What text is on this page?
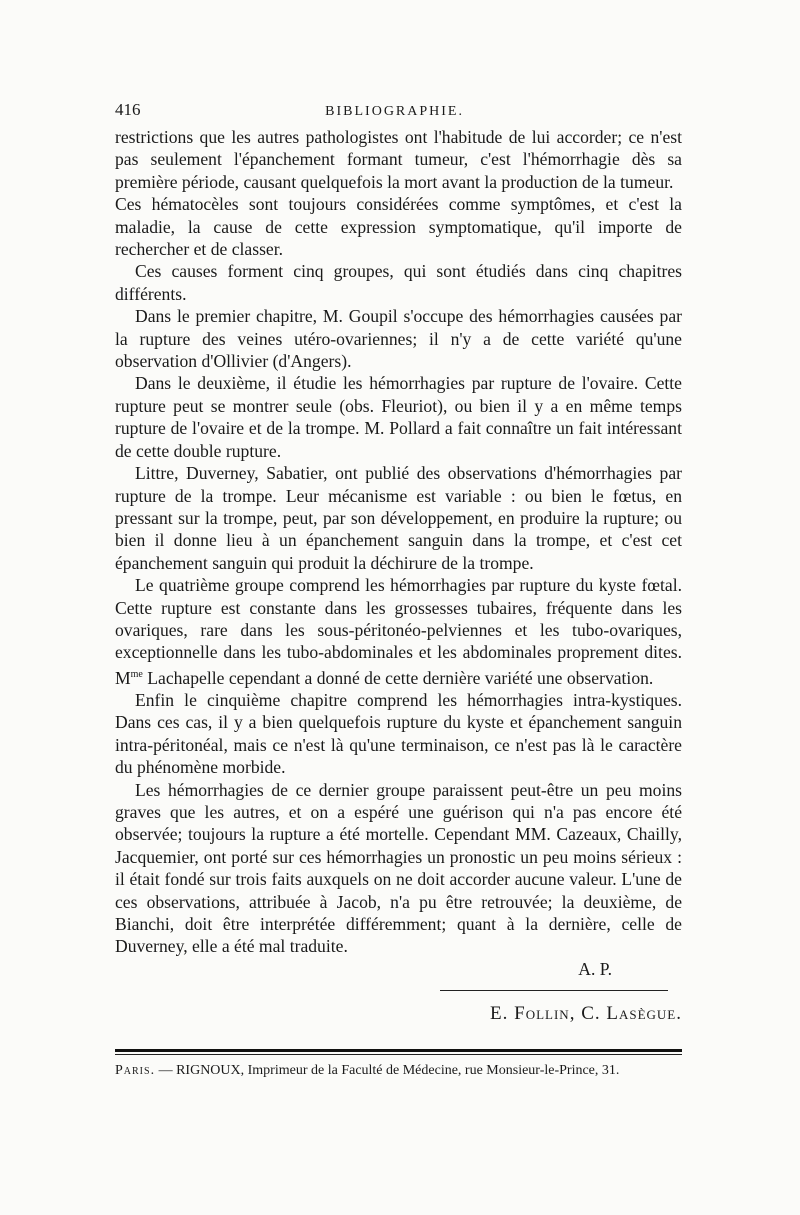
416	BIBLIOGRAPHIE.

restrictions que les autres pathologistes ont l'habitude de lui accorder; ce n'est pas seulement l'épanchement formant tumeur, c'est l'hémorrhagie dès sa première période, causant quelquefois la mort avant la production de la tumeur.

Ces hématocèles sont toujours considérées comme symptômes, et c'est la maladie, la cause de cette expression symptomatique, qu'il importe de rechercher et de classer.

Ces causes forment cinq groupes, qui sont étudiés dans cinq chapitres différents.

Dans le premier chapitre, M. Goupil s'occupe des hémorrhagies causées par la rupture des veines utéro-ovariennes; il n'y a de cette variété qu'une observation d'Ollivier (d'Angers).

Dans le deuxième, il étudie les hémorrhagies par rupture de l'ovaire. Cette rupture peut se montrer seule (obs. Fleuriot), ou bien il y a en même temps rupture de l'ovaire et de la trompe. M. Pollard a fait connaître un fait intéressant de cette double rupture.

Littre, Duverney, Sabatier, ont publié des observations d'hémorrhagies par rupture de la trompe. Leur mécanisme est variable : ou bien le fœtus, en pressant sur la trompe, peut, par son développement, en produire la rupture; ou bien il donne lieu à un épanchement sanguin dans la trompe, et c'est cet épanchement sanguin qui produit la déchirure de la trompe.

Le quatrième groupe comprend les hémorrhagies par rupture du kyste fœtal. Cette rupture est constante dans les grossesses tubaires, fréquente dans les ovariques, rare dans les sous-péritonéo-pelviennes et les tubo-ovariques, exceptionnelle dans les tubo-abdominales et les abdominales proprement dites. $M^{me}$ Lachapelle cependant a donné de cette dernière variété une observation.

Enfin le cinquième chapitre comprend les hémorrhagies intra-kystiques. Dans ces cas, il y a bien quelquefois rupture du kyste et épanchement sanguin intra-péritonéal, mais ce n'est là qu'une terminaison, ce n'est pas là le caractère du phénomène morbide.

Les hémorrhagies de ce dernier groupe paraissent peut-être un peu moins graves que les autres, et on a espéré une guérison qui n'a pas encore été observée; toujours la rupture a été mortelle. Cependant MM. Cazeaux, Chailly, Jacquemier, ont porté sur ces hémorrhagies un pronostic un peu moins sérieux : il était fondé sur trois faits auxquels on ne doit accorder aucune valeur. L'une de ces observations, attribuée à Jacob, n'a pu être retrouvée; la deuxième, de Bianchi, doit être interprétée différemment; quant à la dernière, celle de Duverney, elle a été mal traduite.

A. P.
E. Follin, C. Lasègue.
Paris. — RIGNOUX, Imprimeur de la Faculté de Médecine, rue Monsieur-le-Prince, 31.
